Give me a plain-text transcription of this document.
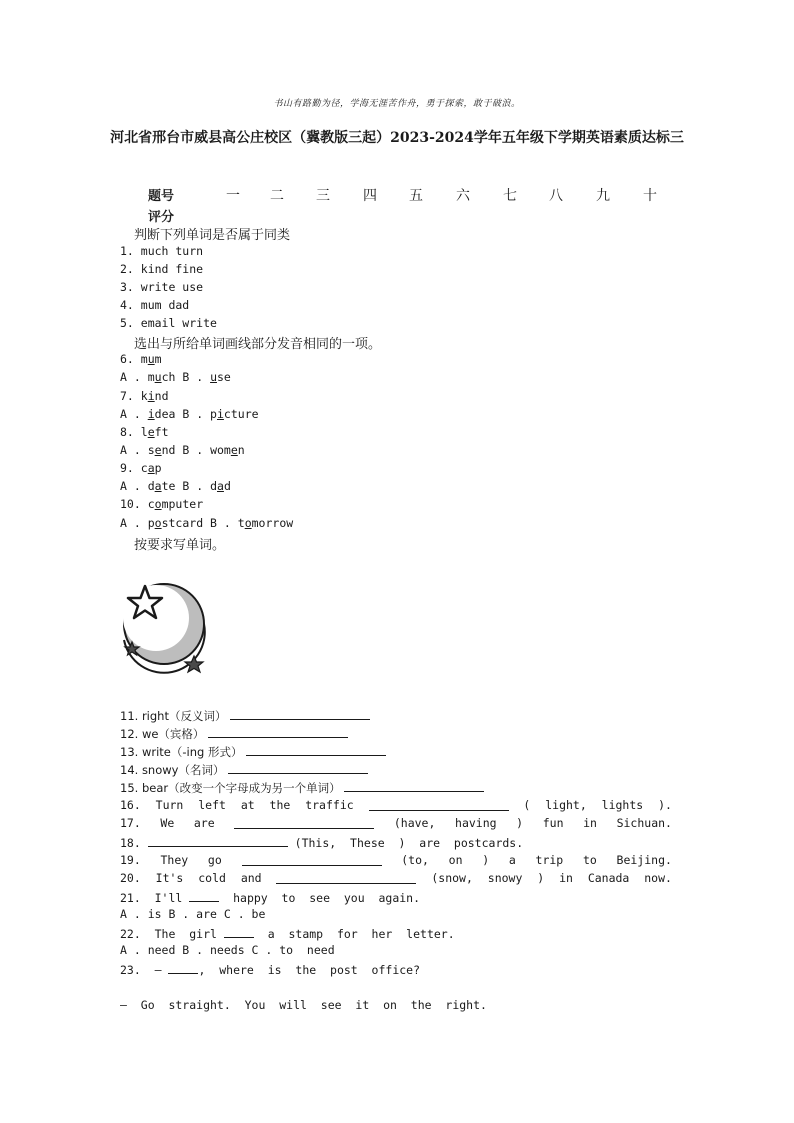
书山有路勤为径，学海无涯苦作舟，勇于探索，敢于破浪。
河北省邢台市威县高公庄校区（冀教版三起）2023-2024学年五年级下学期英语素质达标三
题号	一 二 三 四 五 六 七 八 九 十
评分
判断下列单词是否属于同类
1. much turn
2. kind fine
3. write use
4. mum dad
5. email write
选出与所给单词画线部分发音相同的一项。
6. mum
A . much B . use
7. kind
A . idea B . picture
8. left
A . send B . women
9. cap
A . date B . dad
10. computer
A . postcard B . tomorrow
按要求写单词。
11. right（反义词）
12. we（宾格）
13. write（-ing 形式）
14. snowy（名词）
15. bear（改变一个字母成为另一个单词）
16. Turn left at the traffic	( light, lights ).
17. We are	(have, having ) fun in Sichuan.
18.	(This,  These  )  are  postcards.
19. They go	(to, on ) a trip to Beijing.
20. It's cold and	(snow, snowy ) in Canada now.
21.  I'll	happy  to  see  you  again.
A . is B . are C . be
22.  The  girl	a  stamp  for  her  letter.
A . need B . needs C . to  need
23.  —	,  where  is  the  post  office?
—  Go  straight.  You  will  see  it  on  the  right.
